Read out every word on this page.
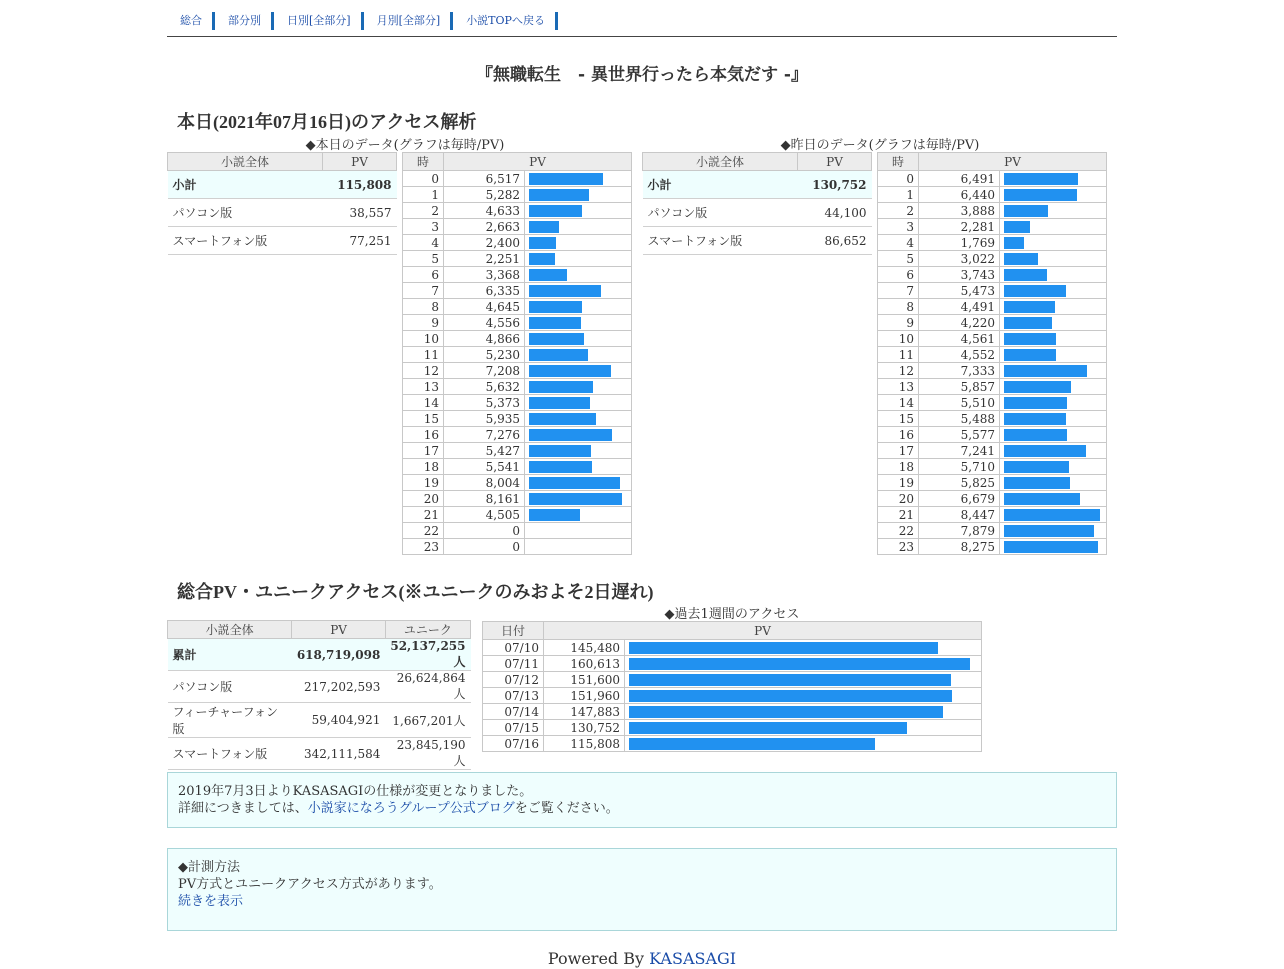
総合	部分別	日別[全部分]	月別[全部分]	小説TOPへ戻る
『無職転生　- 異世界行ったら本気だす -』
本日(2021年07月16日)のアクセス解析
◆本日のデータ(グラフは毎時/PV)	◆昨日のデータ(グラフは毎時/PV)
小説全体	PV
小計	115,808
パソコン版	38,557
スマートフォン版	77,251
時	PV	
0	6,517	

1	5,282	

2	4,633	

3	2,663	

4	2,400	

5	2,251	

6	3,368	

7	6,335	

8	4,645	

9	4,556	

10	4,866	

11	5,230	

12	7,208	

13	5,632	

14	5,373	

15	5,935	

16	7,276	

17	5,427	

18	5,541	

19	8,004	

20	8,161	

21	4,505	

22	0	
23	0	
小説全体	PV
小計	130,752
パソコン版	44,100
スマートフォン版	86,652
時	PV	
0	6,491	

1	6,440	

2	3,888	

3	2,281	

4	1,769	

5	3,022	

6	3,743	

7	5,473	

8	4,491	

9	4,220	

10	4,561	

11	4,552	

12	7,333	

13	5,857	

14	5,510	

15	5,488	

16	5,577	

17	7,241	

18	5,710	

19	5,825	

20	6,679	

21	8,447	

22	7,879	

23	8,275	
総合PV・ユニークアクセス(※ユニークのみおよそ2日遅れ)
小説全体	PV	ユニーク
累計	618,719,098	52,137,255人
パソコン版	217,202,593	26,624,864人
フィーチャーフォン版	59,404,921	1,667,201人
スマートフォン版	342,111,584	23,845,190人
◆過去1週間のアクセス
日付	PV	
07/10	145,480	

07/11	160,613	

07/12	151,600	

07/13	151,960	

07/14	147,883	

07/15	130,752	

07/16	115,808	
2019年7月3日よりKASASAGIの仕様が変更となりました。
詳細につきましては、小説家になろうグループ公式ブログをご覧ください。
◆計測方法
PV方式とユニークアクセス方式があります。
続きを表示
Powered By KASASAGI
